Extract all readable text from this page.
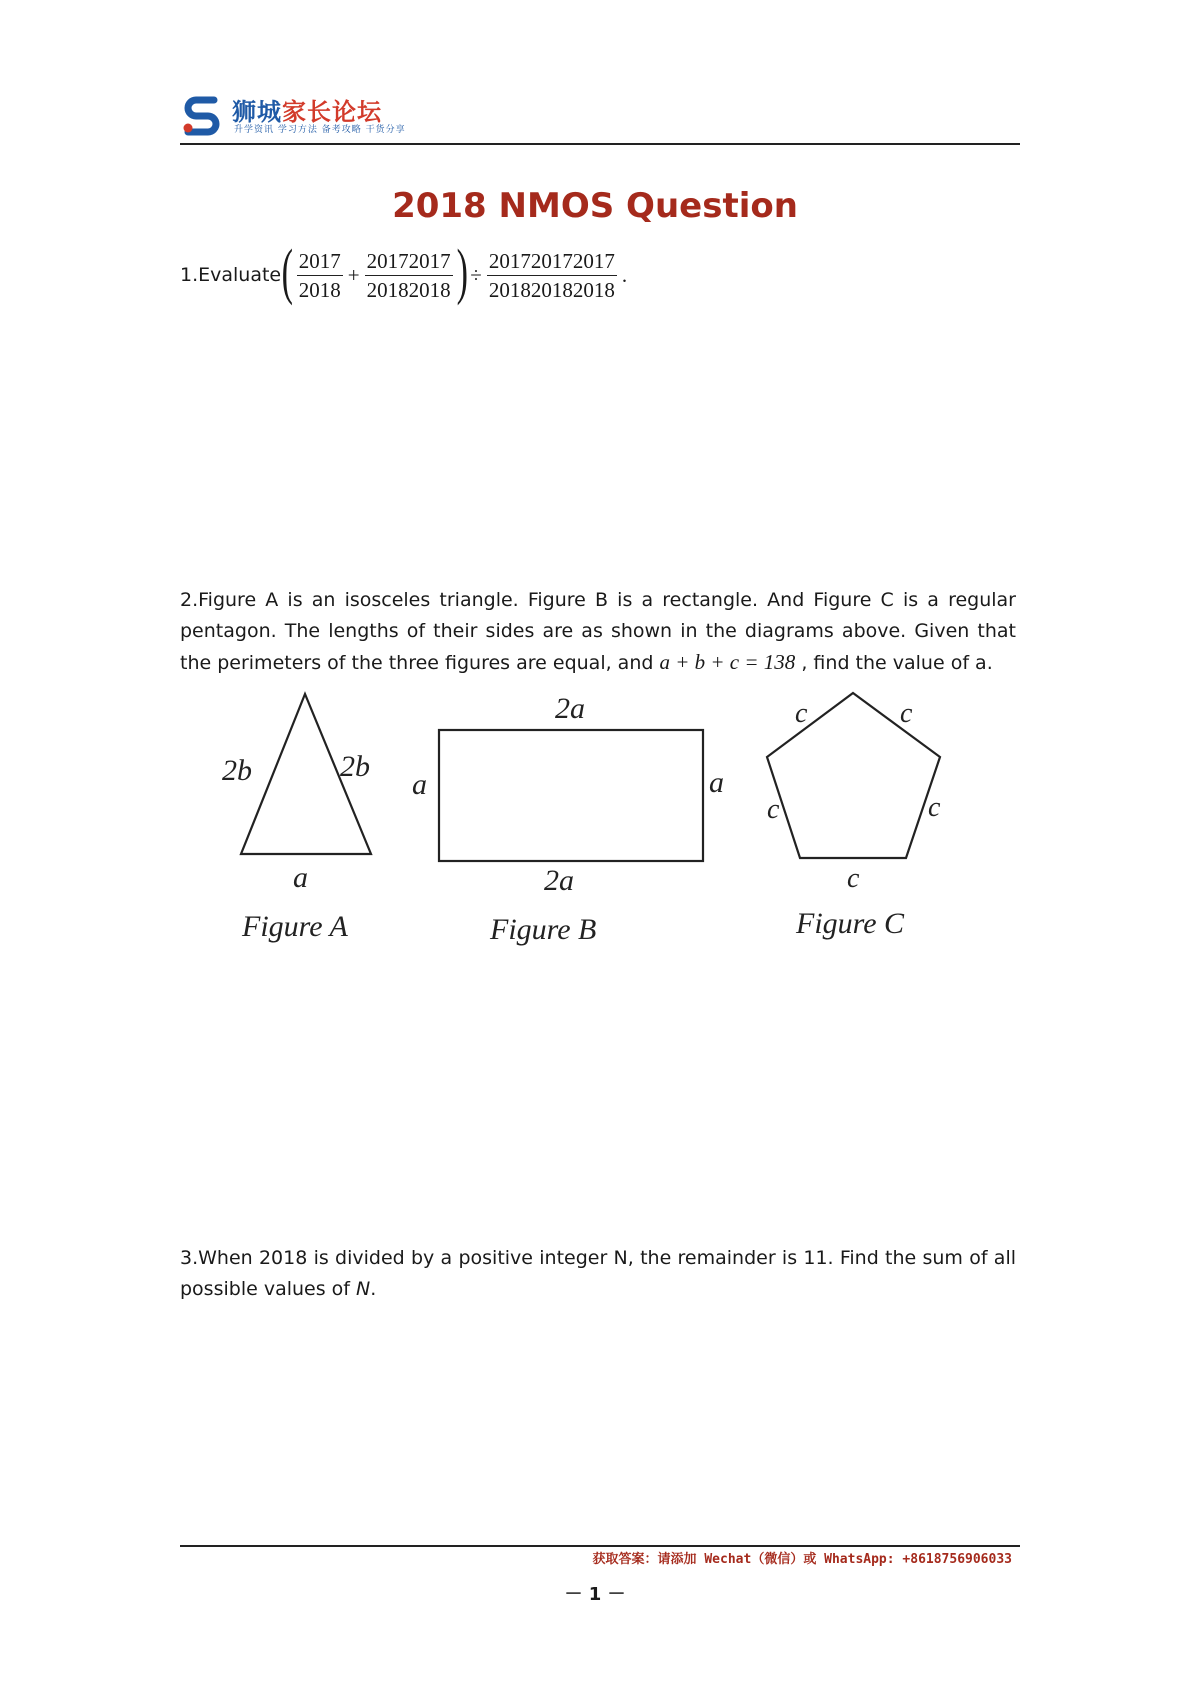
狮城家长论坛
升学资讯 学习方法 备考攻略 干货分享
2018 NMOS Question
1.Evaluate ( $\frac{2017}{2018} + \frac{20172017}{20182018}$ ) ÷ $\frac{201720172017}{201820182018}$ .
2.Figure A is an isosceles triangle. Figure B is a rectangle. And Figure C is a regular pentagon. The lengths of their sides are as shown in the diagrams above. Given that the perimeters of the three figures are equal, and a + b + c = 138 , find the value of a.
2b	2b
a
Figure A
2a
a	a
2a
Figure B
c	c
c	c
c
Figure C
3.When 2018 is divided by a positive integer N, the remainder is 11. Find the sum of all possible values of N.
获取答案：请添加 Wechat（微信）或 WhatsApp: +8618756906033
－ 1 －
